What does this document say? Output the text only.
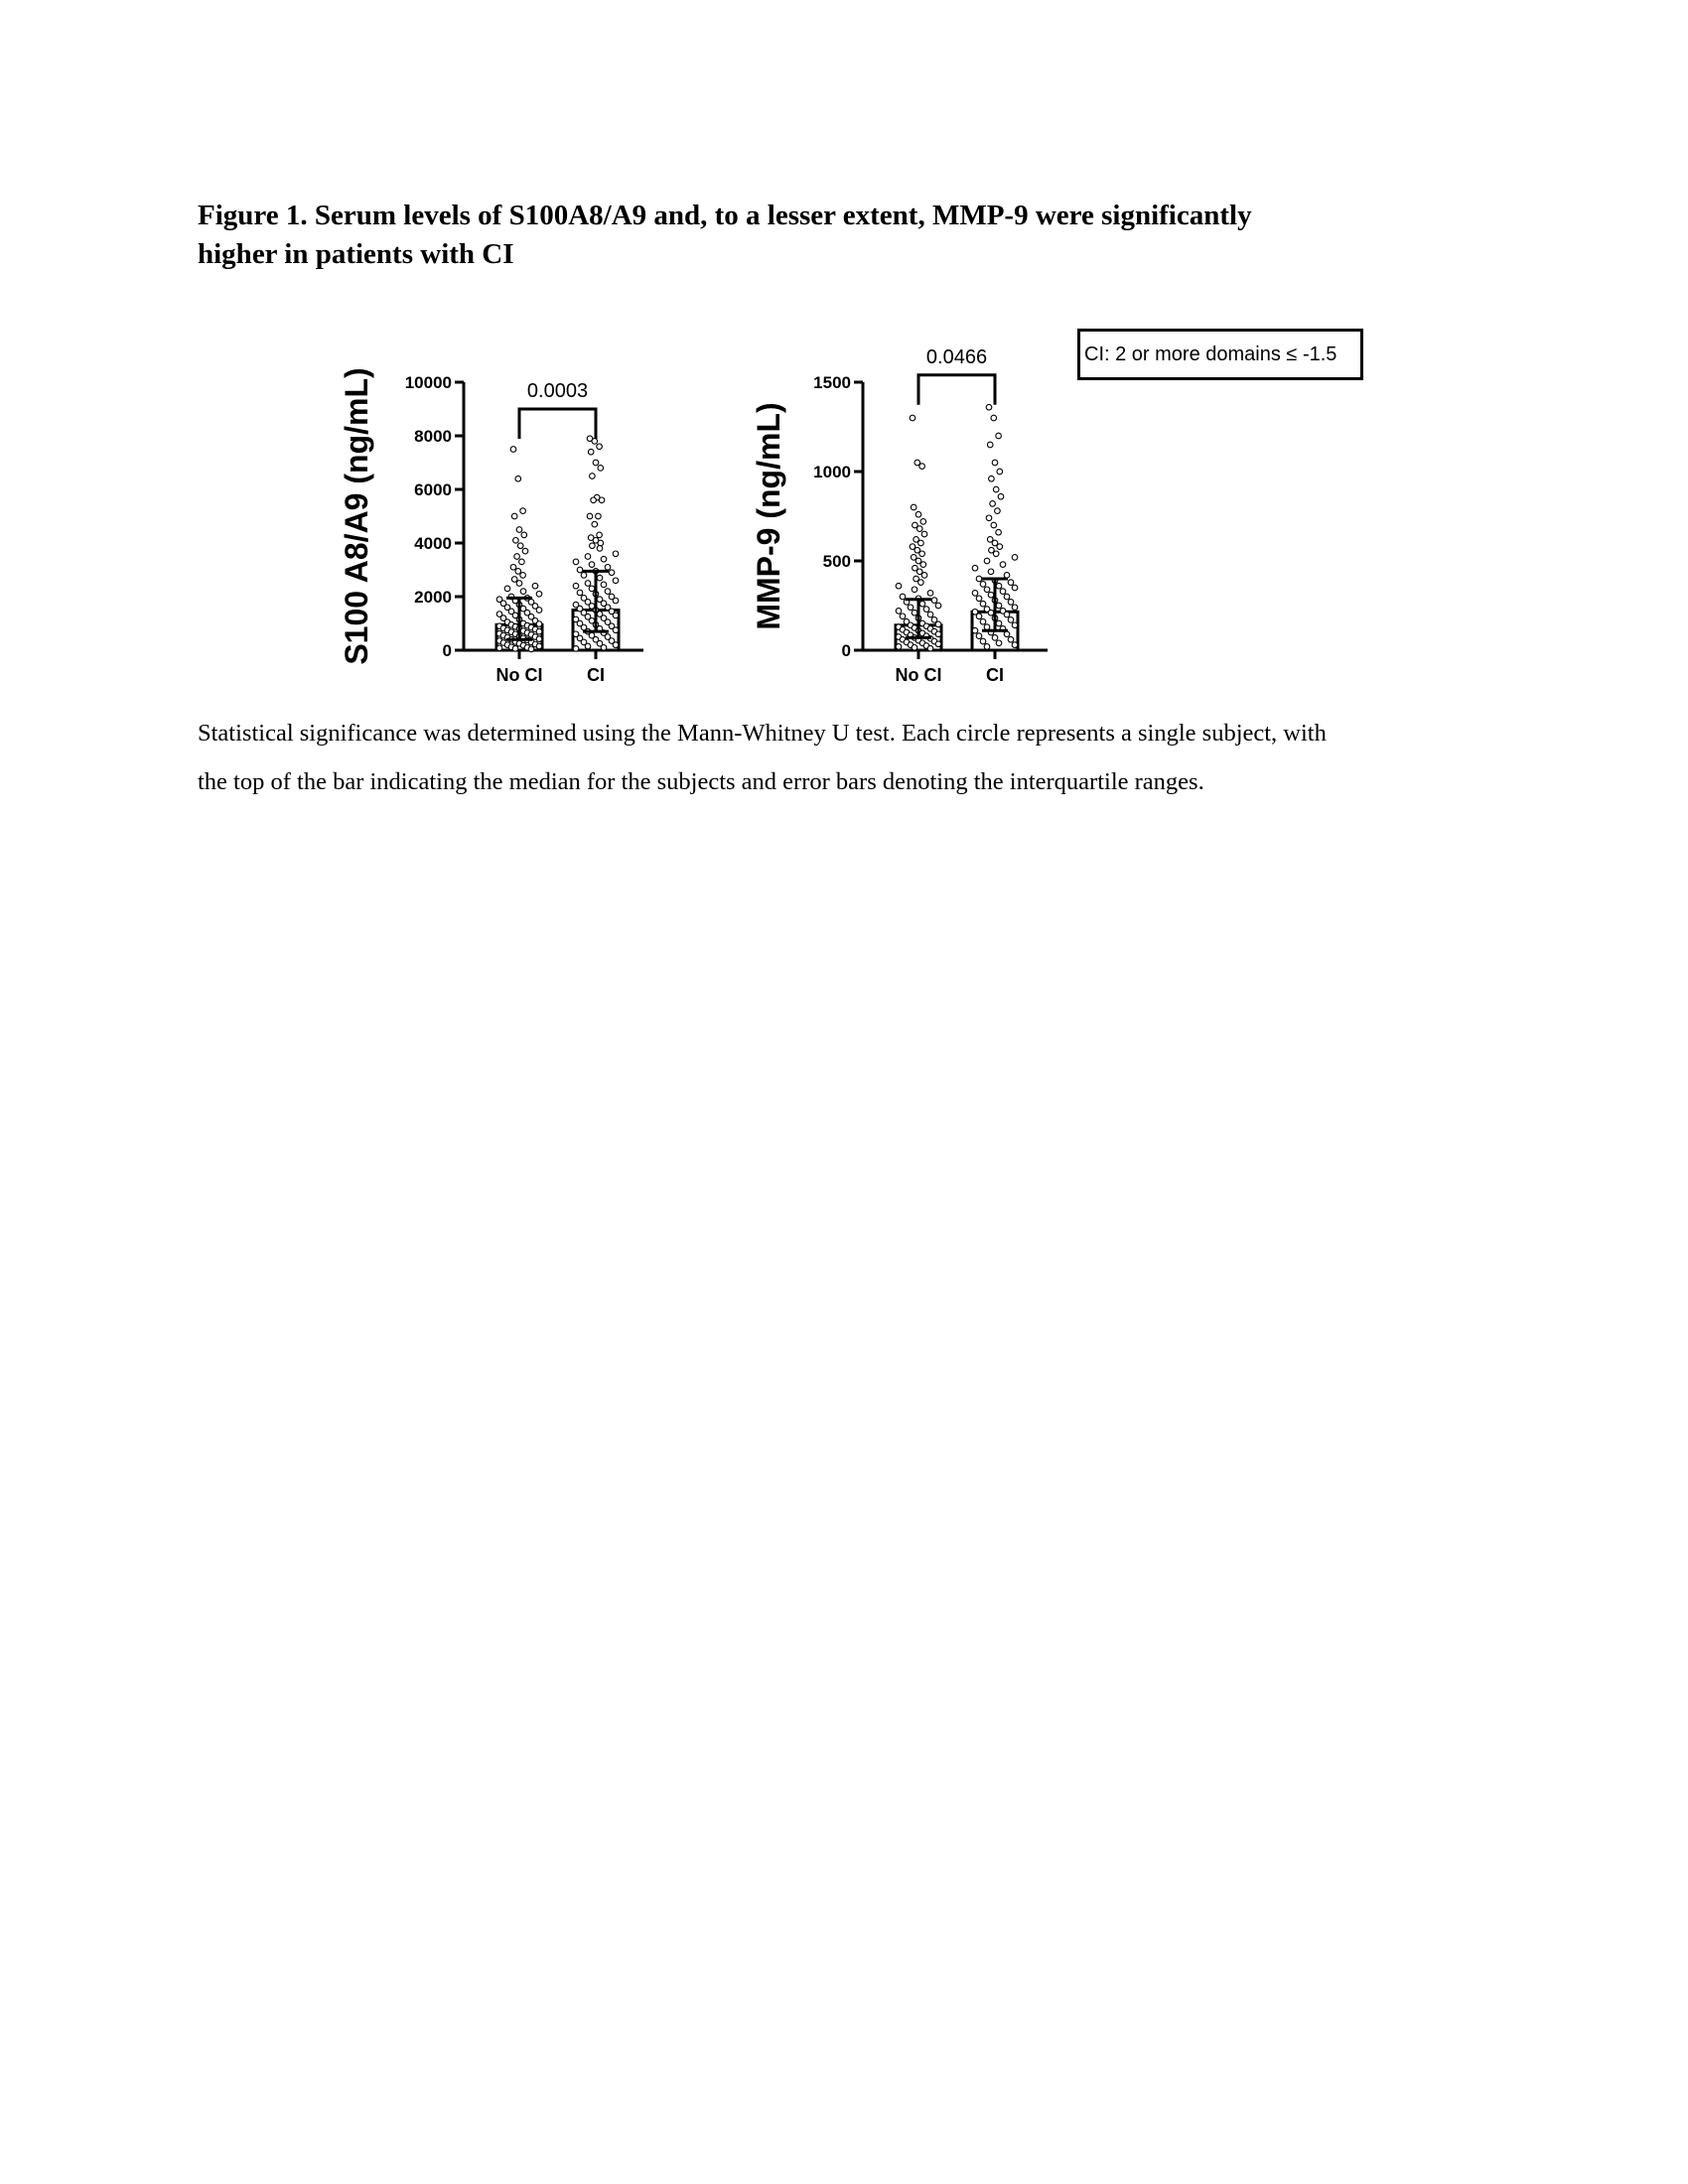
Figure 1. Serum levels of S100A8/A9 and, to a lesser extent, MMP-9 were significantly
higher in patients with CI
S100 A8/A9 (ng/mL)	0
2000
4000
6000
8000
10000
No CI CI
0.0003
MMP-9 (ng/mL)
0
500
1000
1500
No CI CI
0.0466	CI: 2 or more domains ≤ -1.5
Statistical significance was determined using the Mann-Whitney U test. Each circle represents a single subject, with
the top of the bar indicating the median for the subjects and error bars denoting the interquartile ranges.
